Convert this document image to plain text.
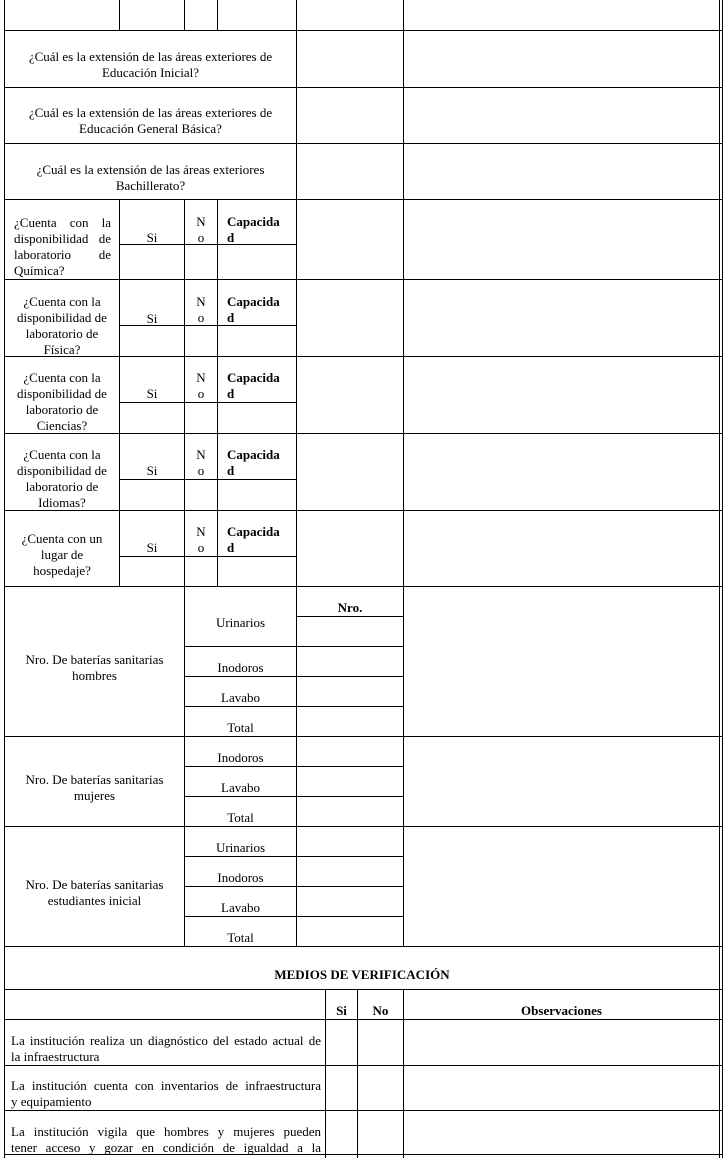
¿Cuál es la extensión de las áreas exteriores de
Educación Inicial?
¿Cuál es la extensión de las áreas exteriores de
Educación General Básica?
¿Cuál es la extensión de las áreas exteriores
Bachillerato?
¿Cuenta con la
disponibilidad de
laboratorio de
Química?
Si
N
o
Capacida
d
¿Cuenta con la
disponibilidad de
laboratorio de
Física?
Si
N
o
Capacida
d
¿Cuenta con la
disponibilidad de
laboratorio de
Ciencias?
Si
N
o
Capacida
d
¿Cuenta con la
disponibilidad de
laboratorio de
Idiomas?
Si
N
o
Capacida
d
¿Cuenta con un
lugar de
hospedaje?
Si
N
o
Capacida
d
Nro. De baterías sanitarias
hombres
Nro.
Urinarios
Inodoros
Lavabo
Total
Nro. De baterías sanitarias
mujeres
Inodoros
Lavabo
Total
Nro. De baterías sanitarias
estudiantes inicial
Urinarios
Inodoros
Lavabo
Total
MEDIOS DE VERIFICACIÓN
Si	No	Observaciones
La institución realiza un diagnóstico del estado actual de
la infraestructura
La institución cuenta con inventarios de infraestructura
y equipamiento
La institución vigila que hombres y mujeres pueden
tener acceso y gozar en condición de igualdad a la
